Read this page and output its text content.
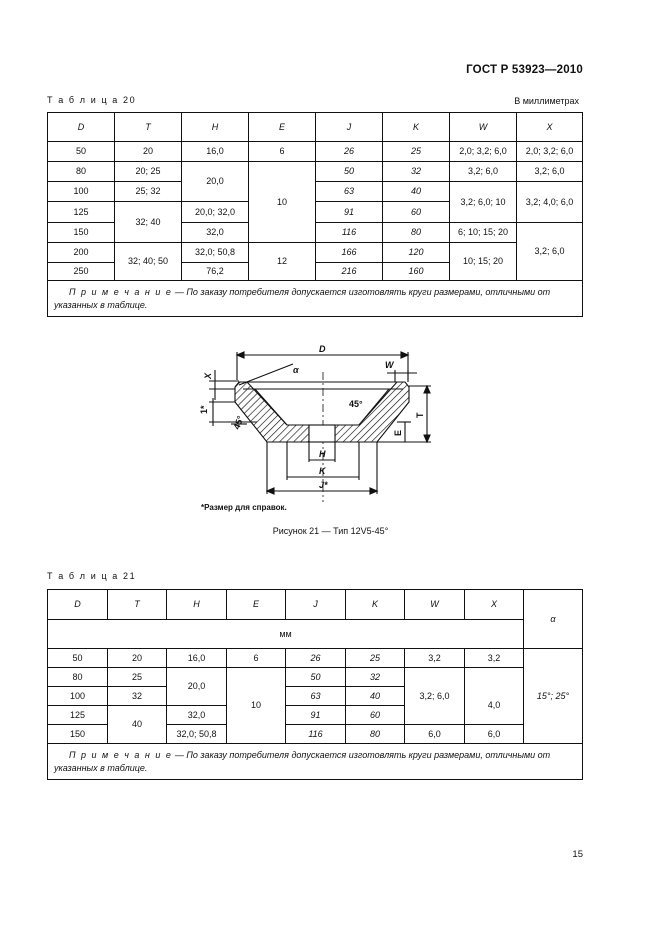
ГОСТ Р 53923—2010
Т а б л и ц а 20	В миллиметрах
D	T	H	E	J	K	W	X
50	20	16,0	6	26	25	2,0; 3,2; 6,0	2,0; 3,2; 6,0
80	20; 25	20,0	10	50	32	3,2; 6,0	3,2; 6,0
100	25; 32			63	40	3,2; 6,0; 10	3,2; 4,0; 6,0
125	32; 40	20,0; 32,0		91	60		
150		32,0		116	80	6; 10; 15; 20	3,2; 6,0
200	32; 40; 50	32,0; 50,8	12	166	120	10; 15; 20	
250		76,2		216	160		
П р и м е ч а н и е — По заказу потребителя допускается изготовлять круги размерами, отличными от указанных в таблице.							
D
W
X
α
45°
45°	T
E
1*
H
K
J*
*Размер для справок.
Рисунок 21 — Тип 12V5-45°
Т а б л и ц а 21
D	T	H	E	J	K	W	X	α
мм								
50	20	16,0	6	26	25	3,2	3,2	15°; 25°
80	25	20,0	10	50	32	3,2; 6,0		
100	32			63	40		4,0	
125	40	32,0		91	60			
150		32,0; 50,8		116	80	6,0	6,0	
П р и м е ч а н и е — По заказу потребителя допускается изготовлять круги размерами, отличными от указанных в таблице.								
15
